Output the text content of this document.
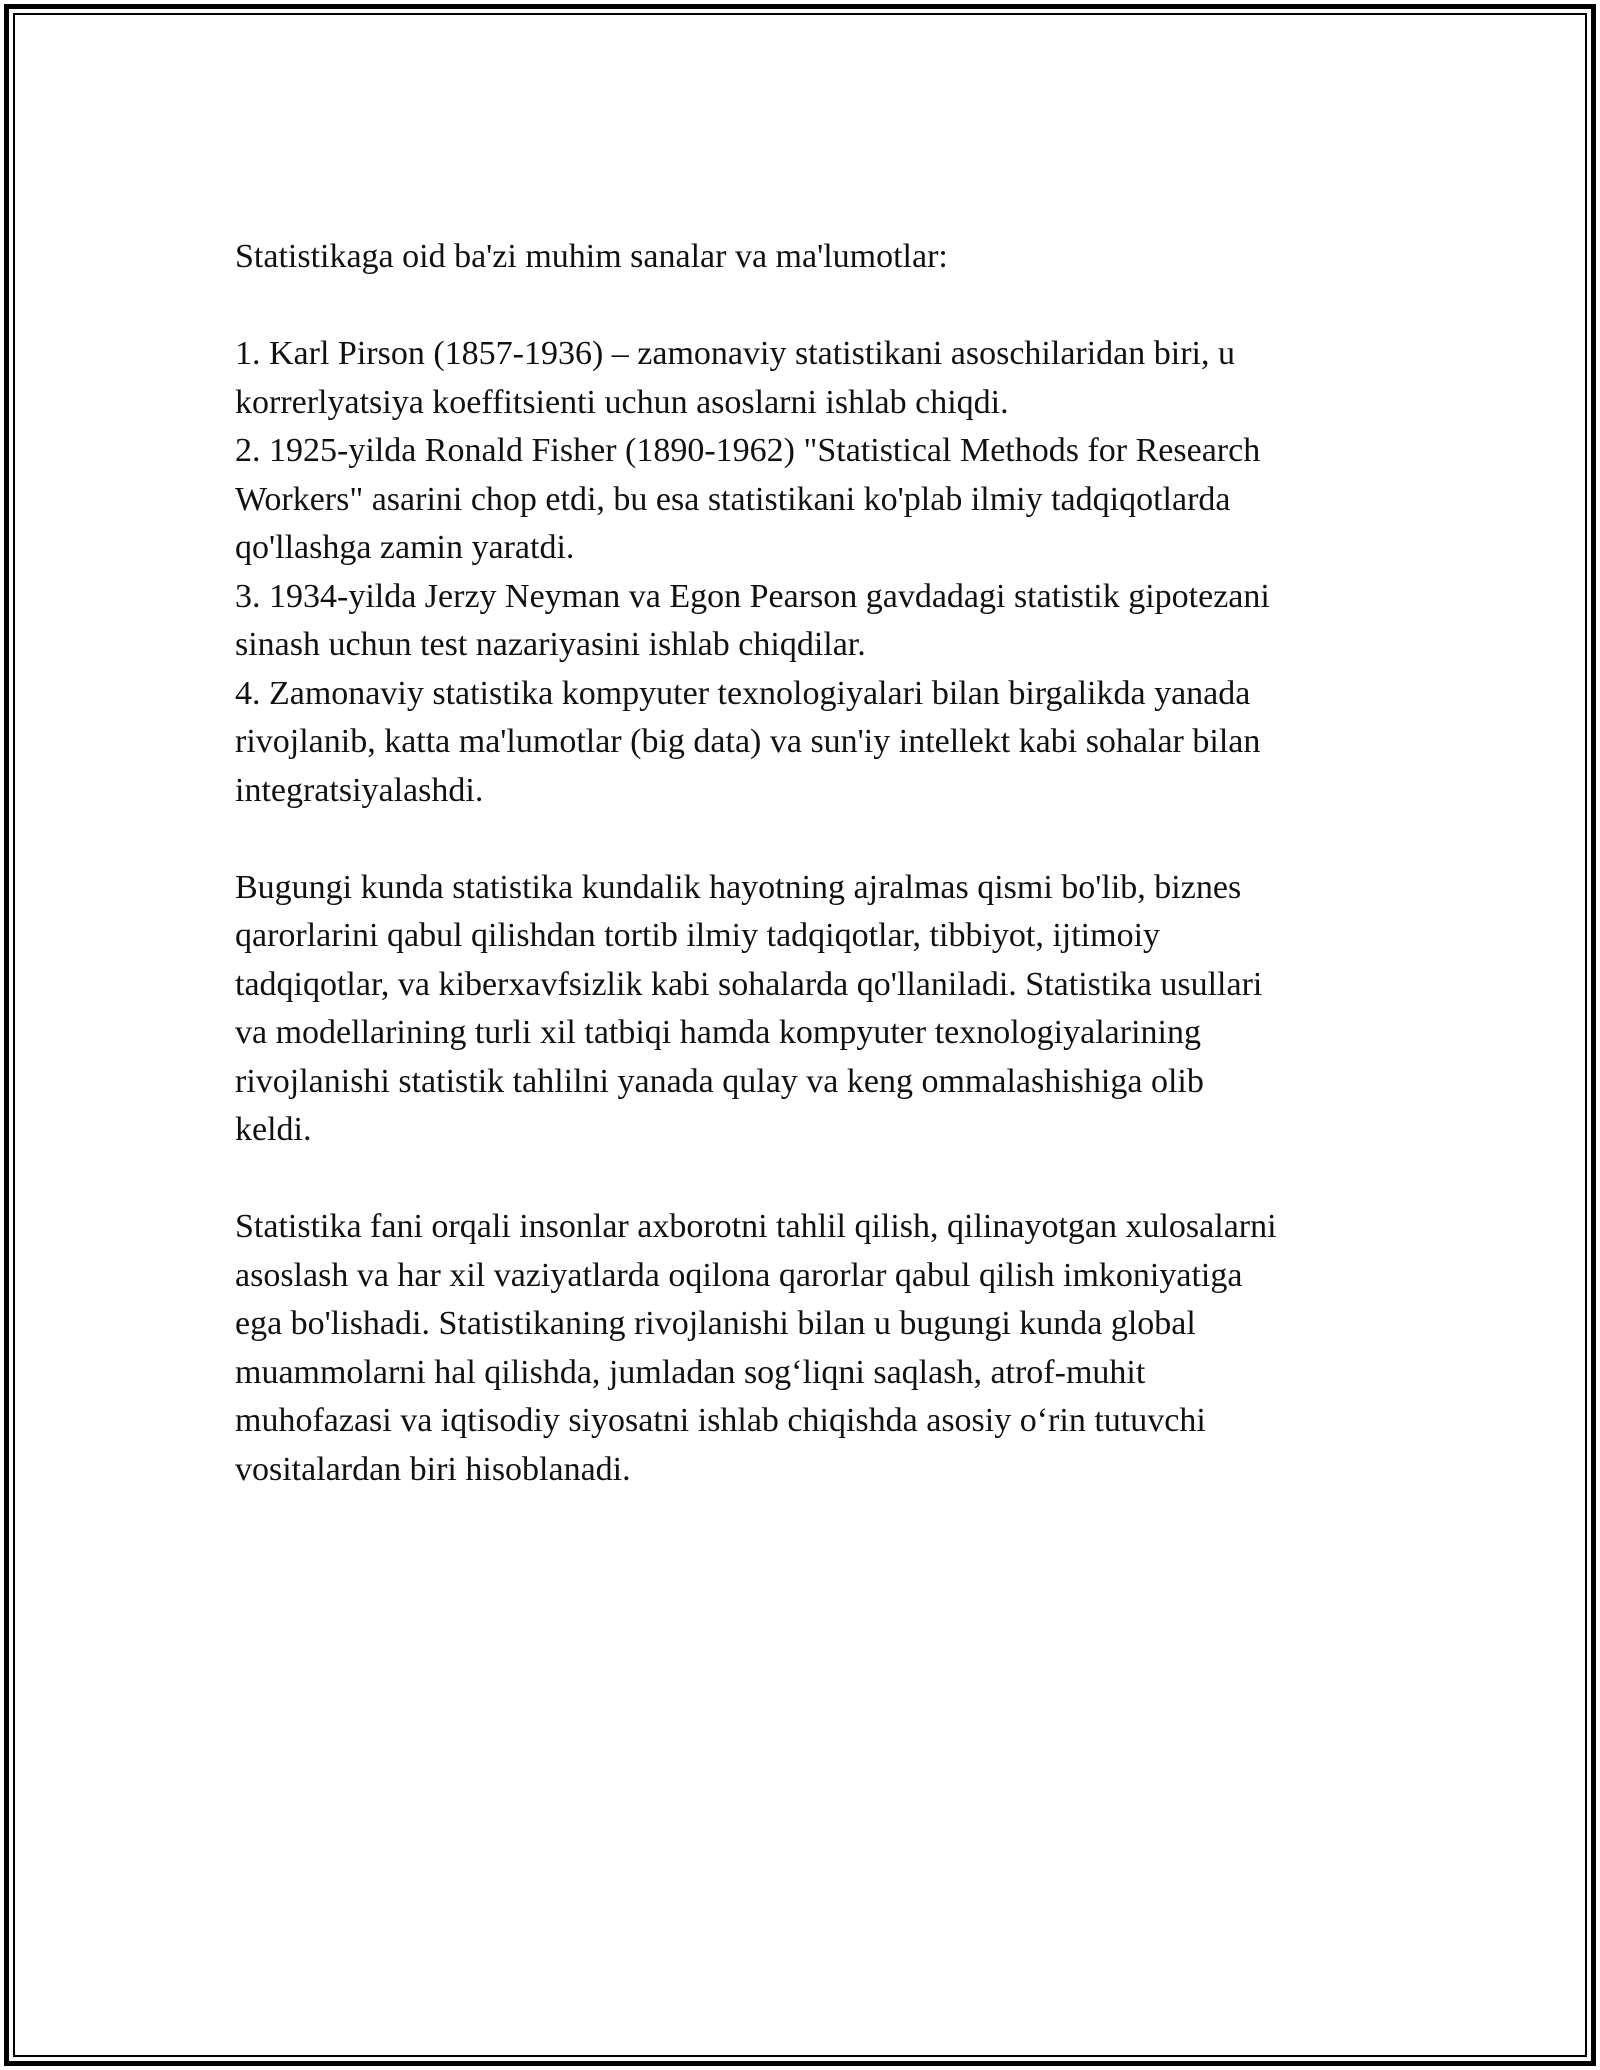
Statistikaga oid ba'zi muhim sanalar va ma'lumotlar:

1. Karl Pirson (1857-1936) – zamonaviy statistikani asoschilaridan biri, u

korrerlyatsiya koeffitsienti uchun asoslarni ishlab chiqdi.

2. 1925-yilda Ronald Fisher (1890-1962) "Statistical Methods for Research

Workers" asarini chop etdi, bu esa statistikani ko'plab ilmiy tadqiqotlarda

qo'llashga zamin yaratdi.

3. 1934-yilda Jerzy Neyman va Egon Pearson gavdadagi statistik gipotezani

sinash uchun test nazariyasini ishlab chiqdilar.

4. Zamonaviy statistika kompyuter texnologiyalari bilan birgalikda yanada

rivojlanib, katta ma'lumotlar (big data) va sun'iy intellekt kabi sohalar bilan

integratsiyalashdi.

Bugungi kunda statistika kundalik hayotning ajralmas qismi bo'lib, biznes

qarorlarini qabul qilishdan tortib ilmiy tadqiqotlar, tibbiyot, ijtimoiy

tadqiqotlar, va kiberxavfsizlik kabi sohalarda qo'llaniladi. Statistika usullari

va modellarining turli xil tatbiqi hamda kompyuter texnologiyalarining

rivojlanishi statistik tahlilni yanada qulay va keng ommalashishiga olib

keldi.

Statistika fani orqali insonlar axborotni tahlil qilish, qilinayotgan xulosalarni

asoslash va har xil vaziyatlarda oqilona qarorlar qabul qilish imkoniyatiga

ega bo'lishadi. Statistikaning rivojlanishi bilan u bugungi kunda global

muammolarni hal qilishda, jumladan sog‘liqni saqlash, atrof-muhit

muhofazasi va iqtisodiy siyosatni ishlab chiqishda asosiy o‘rin tutuvchi

vositalardan biri hisoblanadi.
